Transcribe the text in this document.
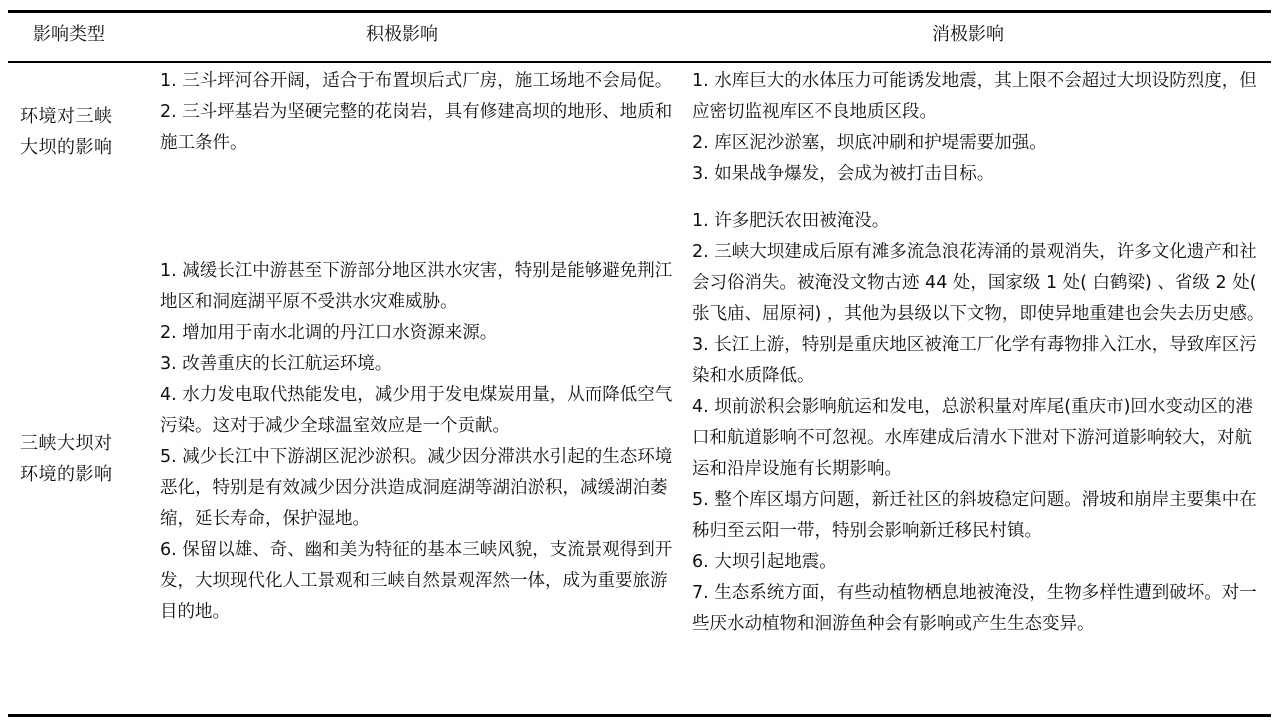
影响类型	积极影响	消极影响
环境对三峡
大坝的影响
1. 三斗坪河谷开阔，适合于布置坝后式厂房，施工场地不会局促。
2. 三斗坪基岩为坚硬完整的花岗岩，具有修建高坝的地形、地质和施工条件。
1. 水库巨大的水体压力可能诱发地震，其上限不会超过大坝设防烈度，但应密切监视库区不良地质区段。
2. 库区泥沙淤塞，坝底冲刷和护堤需要加强。
3. 如果战争爆发，会成为被打击目标。
三峡大坝对
环境的影响
1. 减缓长江中游甚至下游部分地区洪水灾害，特别是能够避免荆江地区和洞庭湖平原不受洪水灾难威胁。
2. 增加用于南水北调的丹江口水资源来源。
3. 改善重庆的长江航运环境。
4. 水力发电取代热能发电，减少用于发电煤炭用量，从而降低空气污染。这对于减少全球温室效应是一个贡献。
5. 减少长江中下游湖区泥沙淤积。减少因分滞洪水引起的生态环境恶化，特别是有效减少因分洪造成洞庭湖等湖泊淤积，减缓湖泊萎缩，延长寿命，保护湿地。
6. 保留以雄、奇、幽和美为特征的基本三峡风貌，支流景观得到开发，大坝现代化人工景观和三峡自然景观浑然一体，成为重要旅游目的地。
1. 许多肥沃农田被淹没。
2. 三峡大坝建成后原有滩多流急浪花涛涌的景观消失，许多文化遗产和社会习俗消失。被淹没文物古迹 44 处，国家级 1 处( 白鹤梁) 、省级 2 处( 张飞庙、屈原祠) ，其他为县级以下文物，即使异地重建也会失去历史感。
3. 长江上游，特别是重庆地区被淹工厂化学有毒物排入江水，导致库区污染和水质降低。
4. 坝前淤积会影响航运和发电，总淤积量对库尾(重庆市)回水变动区的港口和航道影响不可忽视。水库建成后清水下泄对下游河道影响较大，对航运和沿岸设施有长期影响。
5. 整个库区塌方问题，新迁社区的斜坡稳定问题。滑坡和崩岸主要集中在秭归至云阳一带，特别会影响新迁移民村镇。
6. 大坝引起地震。
7. 生态系统方面，有些动植物栖息地被淹没，生物多样性遭到破坏。对一些厌水动植物和洄游鱼种会有影响或产生生态变异。
